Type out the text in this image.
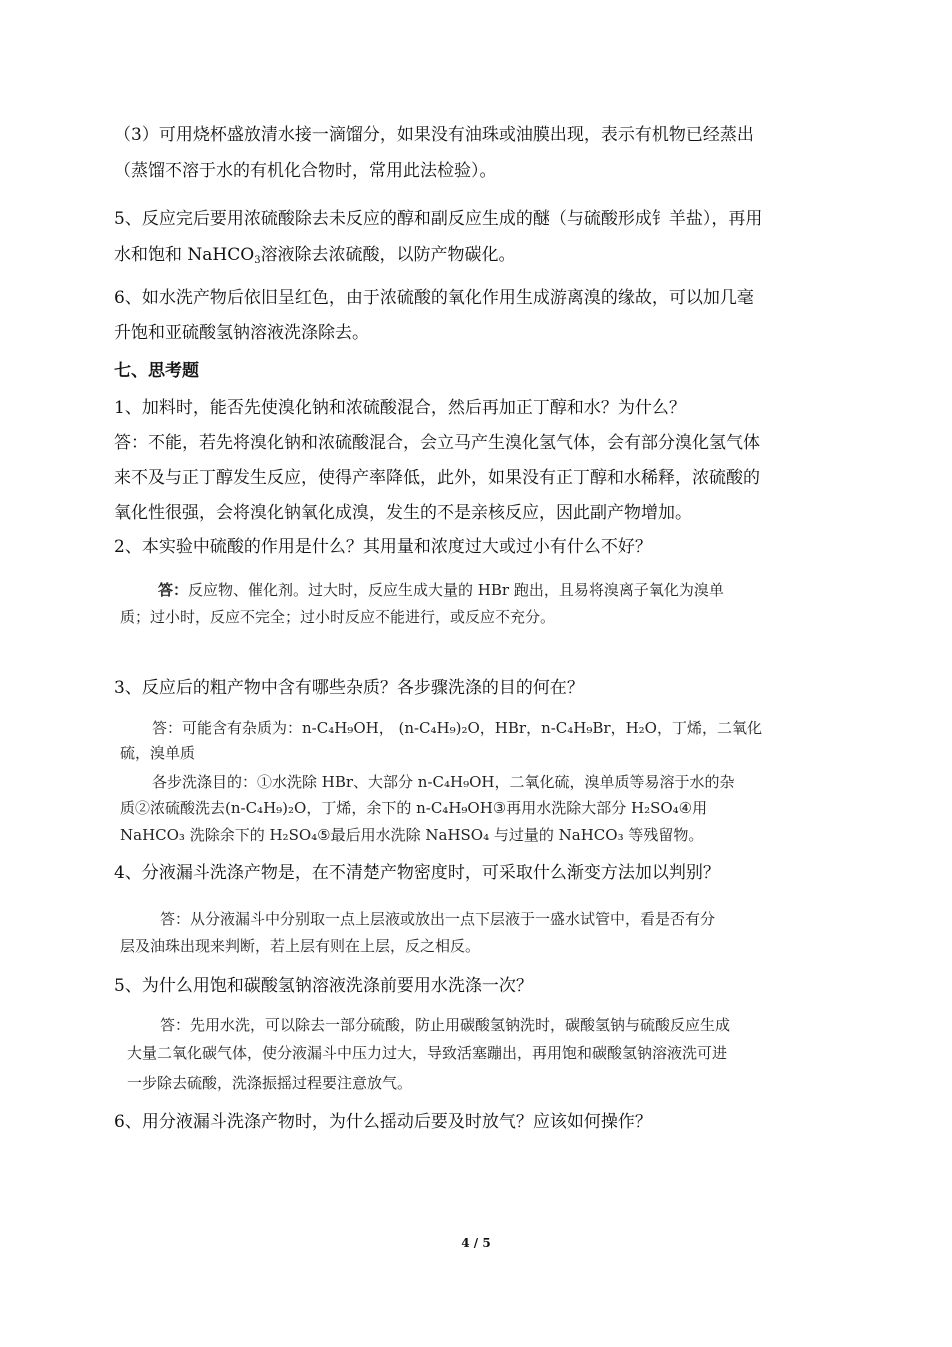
（3）可用烧杯盛放清水接一滴馏分，如果没有油珠或油膜出现，表示有机物已经蒸出
（蒸馏不溶于水的有机化合物时，常用此法检验）。
5、反应完后要用浓硫酸除去未反应的醇和副反应生成的醚（与硫酸形成钅羊盐），再用
水和饱和 NaHCO$_3$溶液除去浓硫酸，以防产物碳化。
6、如水洗产物后依旧呈红色，由于浓硫酸的氧化作用生成游离溴的缘故，可以加几毫
升饱和亚硫酸氢钠溶液洗涤除去。
七、思考题
1、加料时，能否先使溴化钠和浓硫酸混合，然后再加正丁醇和水？为什么？
答：不能，若先将溴化钠和浓硫酸混合，会立马产生溴化氢气体，会有部分溴化氢气体
来不及与正丁醇发生反应，使得产率降低，此外，如果没有正丁醇和水稀释，浓硫酸的
氧化性很强，会将溴化钠氧化成溴，发生的不是亲核反应，因此副产物增加。
2、本实验中硫酸的作用是什么？其用量和浓度过大或过小有什么不好？
答：反应物、催化剂。过大时，反应生成大量的 HBr 跑出，且易将溴离子氧化为溴单
质；过小时，反应不完全；过小时反应不能进行，或反应不充分。
3、反应后的粗产物中含有哪些杂质？各步骤洗涤的目的何在？
答：可能含有杂质为：n-C₄H₉OH， (n-C₄H₉)₂O，HBr，n-C₄H₉Br，H₂O，丁烯，二氧化
硫，溴单质
各步洗涤目的：①水洗除 HBr、大部分 n-C₄H₉OH，二氧化硫，溴单质等易溶于水的杂
质②浓硫酸洗去(n-C₄H₉)₂O，丁烯，余下的 n-C₄H₉OH③再用水洗除大部分 H₂SO₄④用
NaHCO₃ 洗除余下的 H₂SO₄⑤最后用水洗除 NaHSO₄ 与过量的 NaHCO₃ 等残留物。
4、分液漏斗洗涤产物是，在不清楚产物密度时，可采取什么渐变方法加以判别？
答：从分液漏斗中分别取一点上层液或放出一点下层液于一盛水试管中，看是否有分
层及油珠出现来判断，若上层有则在上层，反之相反。
5、为什么用饱和碳酸氢钠溶液洗涤前要用水洗涤一次？
答：先用水洗，可以除去一部分硫酸，防止用碳酸氢钠洗时，碳酸氢钠与硫酸反应生成
大量二氧化碳气体，使分液漏斗中压力过大，导致活塞蹦出，再用饱和碳酸氢钠溶液洗可进
一步除去硫酸，洗涤振摇过程要注意放气。
6、用分液漏斗洗涤产物时，为什么摇动后要及时放气？应该如何操作？
4 / 5
